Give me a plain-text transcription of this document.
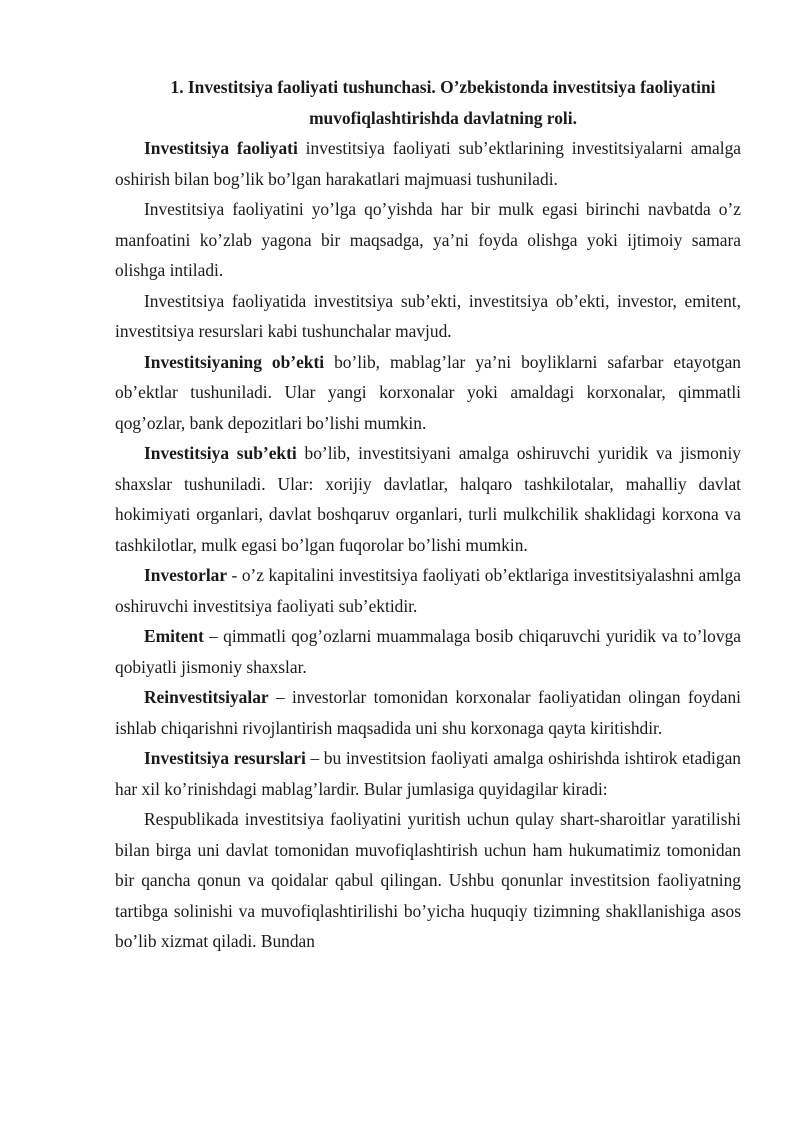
1. Investitsiya faoliyati tushunchasi. O’zbekistonda investitsiya faoliyatini
muvofiqlashtirishda davlatning roli.

Investitsiya faoliyati investitsiya faoliyati sub’ektlarining investitsiyalarni amalga oshirish bilan bog’lik bo’lgan harakatlari majmuasi tushuniladi.

Investitsiya faoliyatini yo’lga qo’yishda har bir mulk egasi birinchi navbatda o’z manfoatini ko’zlab yagona bir maqsadga, ya’ni foyda olishga yoki ijtimoiy samara olishga intiladi.

Investitsiya faoliyatida investitsiya sub’ekti, investitsiya ob’ekti, investor, emitent, investitsiya resurslari kabi tushunchalar mavjud.

Investitsiyaning ob’ekti bo’lib, mablag’lar ya’ni boyliklarni safarbar etayotgan ob’ektlar tushuniladi. Ular yangi korxonalar yoki amaldagi korxonalar, qimmatli qog’ozlar, bank depozitlari bo’lishi mumkin.

Investitsiya sub’ekti bo’lib, investitsiyani amalga oshiruvchi yuridik va jismoniy shaxslar tushuniladi. Ular: xorijiy davlatlar, halqaro tashkilotalar, mahalliy davlat hokimiyati organlari, davlat boshqaruv organlari, turli mulkchilik shaklidagi korxona va tashkilotlar, mulk egasi bo’lgan fuqorolar bo’lishi mumkin.

Investorlar - o’z kapitalini investitsiya faoliyati ob’ektlariga investitsiyalashni amlga oshiruvchi investitsiya faoliyati sub’ektidir.

Emitent – qimmatli qog’ozlarni muammalaga bosib chiqaruvchi yuridik va to’lovga qobiyatli jismoniy shaxslar.

Reinvestitsiyalar – investorlar tomonidan korxonalar faoliyatidan olingan foydani ishlab chiqarishni rivojlantirish maqsadida uni shu korxonaga qayta kiritishdir.

Investitsiya resurslari – bu investitsion faoliyati amalga oshirishda ishtirok etadigan har xil ko’rinishdagi mablag’lardir. Bular jumlasiga quyidagilar kiradi:

Respublikada investitsiya faoliyatini yuritish uchun qulay shart-sharoitlar yaratilishi bilan birga uni davlat tomonidan muvofiqlashtirish uchun ham hukumatimiz tomonidan bir qancha qonun va qoidalar qabul qilingan. Ushbu qonunlar investitsion faoliyatning tartibga solinishi va muvofiqlashtirilishi bo’yicha huquqiy tizimning shakllanishiga asos bo’lib xizmat qiladi. Bundan
